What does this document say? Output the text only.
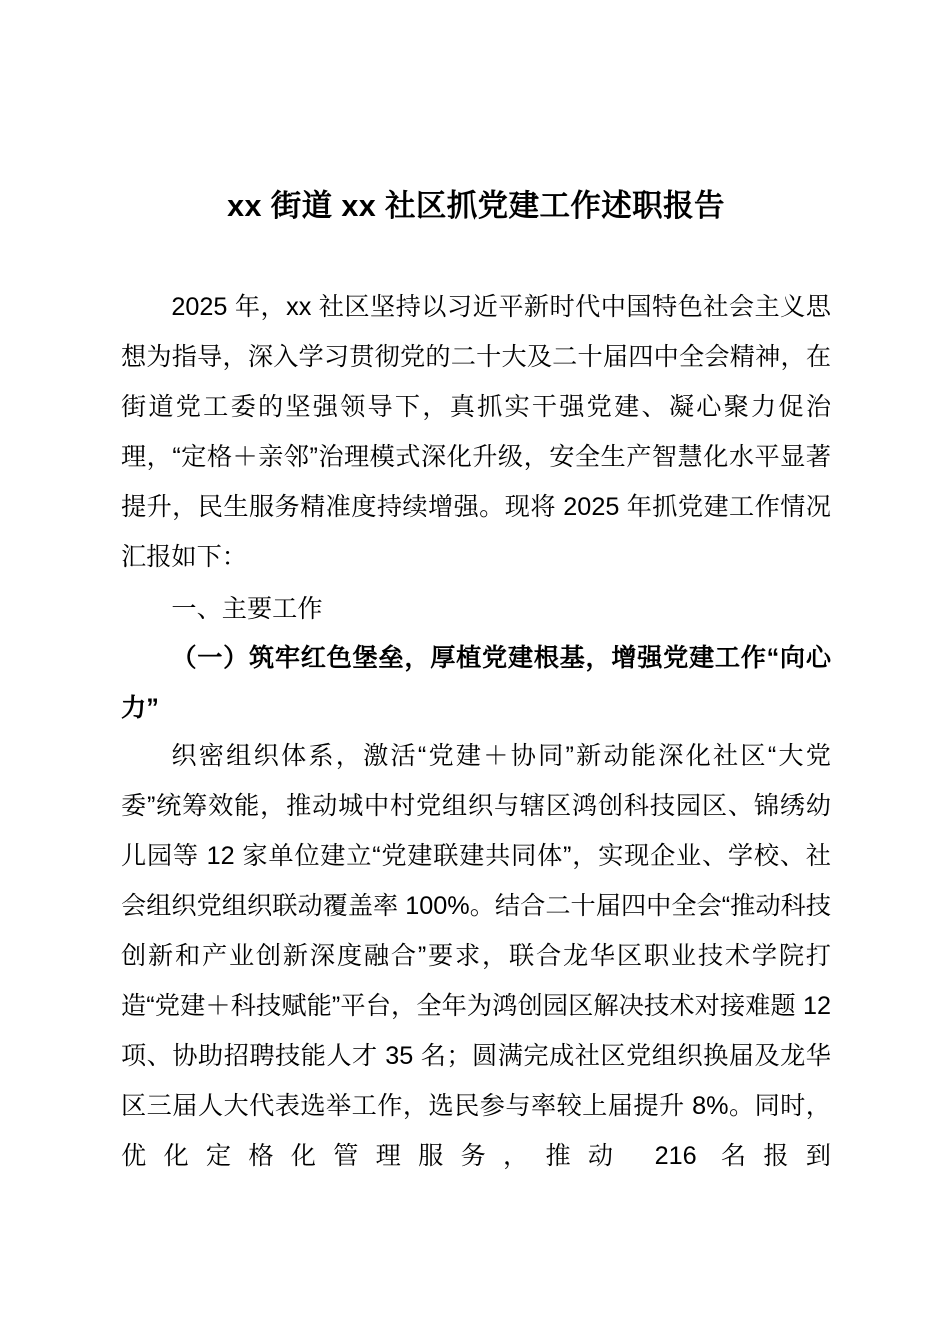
xx 街道 xx 社区抓党建工作述职报告

2025 年，xx 社区坚持以习近平新时代中国特色社会主义思想为指导，深入学习贯彻党的二十大及二十届四中全会精神，在街道党工委的坚强领导下，真抓实干强党建、凝心聚力促治理，“定格＋亲邻”治理模式深化升级，安全生产智慧化水平显著提升，民生服务精准度持续增强。现将 2025 年抓党建工作情况汇报如下：

一、主要工作

（一）筑牢红色堡垒，厚植党建根基，增强党建工作“向心力”

织密组织体系，激活“党建＋协同”新动能深化社区“大党委”统筹效能，推动城中村党组织与辖区鸿创科技园区、锦绣幼儿园等 12 家单位建立“党建联建共同体”，实现企业、学校、社会组织党组织联动覆盖率 100%。结合二十届四中全会“推动科技创新和产业创新深度融合”要求，联合龙华区职业技术学院打造“党建＋科技赋能”平台，全年为鸿创园区解决技术对接难题 12 项、协助招聘技能人才 35 名；圆满完成社区党组织换届及龙华区三届人大代表选举工作，选民参与率较上届提升 8%。同时，优化定格化管理服务，推动 216 名报到
